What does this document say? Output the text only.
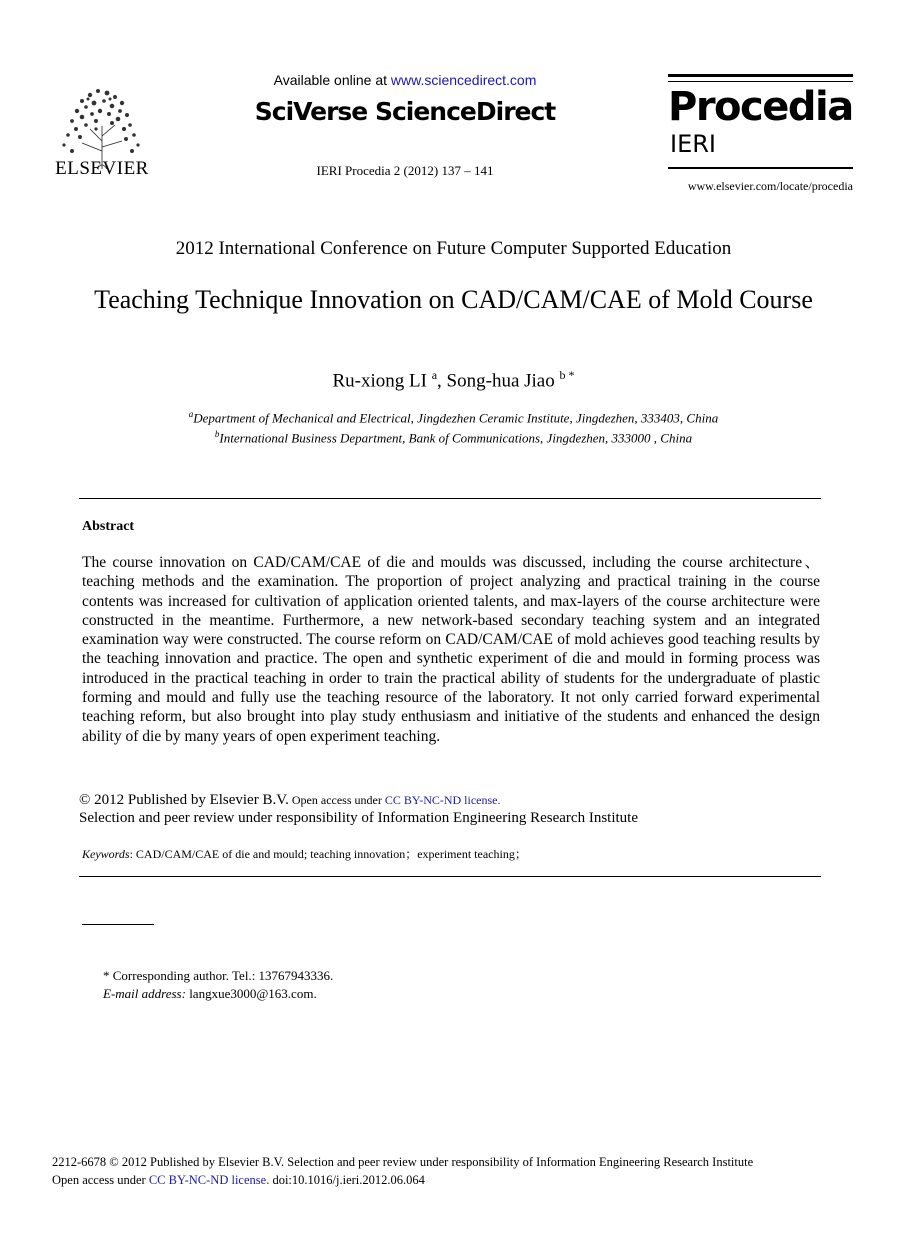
ELSEVIER
Available online at www.sciencedirect.com
SciVerse ScienceDirect
IERI Procedia 2 (2012) 137 – 141
Procedia
IERI
www.elsevier.com/locate/procedia
2012 International Conference on Future Computer Supported Education
Teaching Technique Innovation on CAD/CAM/CAE of Mold Course
Ru-xiong LI $^a$, Song-hua Jiao $^{b *}$
$^a$Department of Mechanical and Electrical, Jingdezhen Ceramic Institute, Jingdezhen, 333403, China
$^b$International Business Department, Bank of Communications, Jingdezhen, 333000 , China
Abstract
The course innovation on CAD/CAM/CAE of die and moulds was discussed, including the course architecture、 teaching methods and the examination. The proportion of project analyzing and practical training in the course contents was increased for cultivation of application oriented talents, and max-layers of the course architecture were constructed in the meantime. Furthermore, a new network-based secondary teaching system and an integrated examination way were constructed. The course reform on CAD/CAM/CAE of mold achieves good teaching results by the teaching innovation and practice. The open and synthetic experiment of die and mould in forming process was introduced in the practical teaching in order to train the practical ability of students for the undergraduate of plastic forming and mould and fully use the teaching resource of the laboratory. It not only carried forward experimental teaching reform, but also brought into play study enthusiasm and initiative of the students and enhanced the design ability of die by many years of open experiment teaching.
© 2012 Published by Elsevier B.V. Open access under CC BY-NC-ND license.
Selection and peer review under responsibility of Information Engineering Research Institute
Keywords: CAD/CAM/CAE of die and mould; teaching innovation；experiment teaching；
* Corresponding author. Tel.: 13767943336.
E-mail address: langxue3000@163.com.
2212-6678 © 2012 Published by Elsevier B.V. Selection and peer review under responsibility of Information Engineering Research Institute
Open access under CC BY-NC-ND license. doi:10.1016/j.ieri.2012.06.064
